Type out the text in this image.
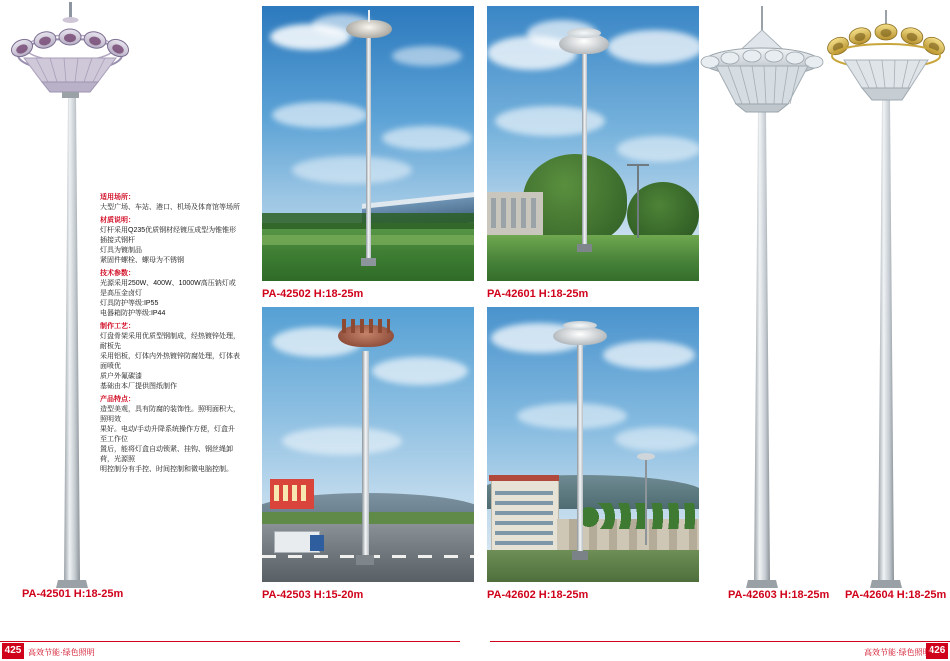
适用场所：
大型广场、车站、港口、机场及体育馆等场所
材质说明：
灯杆采用Q235优质钢材经镀压成型为锥锥形插接式钢杆
灯具为镀制品
紧固件螺栓、螺母为不锈钢
技术参数：
光源采用250W、400W、1000W高压钠灯或是高压金卤灯
灯具防护等级:IP55
电器箱防护等级:IP44
制作工艺：
灯盘骨架采用优质型钢制成，经热镀锌处理，耐板先
采用铝板，灯体内外热镀锌防腐处理，灯体表面喷优
质户外氟碳漆
基础由本厂提供图纸制作
产品特点：
造型美观，具有防腐的装饰性。照明面积大，照明效
果好。电动/手动升降系统操作方便，灯盒升至工作位
置后，能将灯盒自动锁紧、挂钩、钢丝绳卸荷，光源照
明控制分有手控、时间控制和微电脑控制。
PA-42501 H:18-25m
PA-42502 H:18-25m	PA-42601 H:18-25m
PA-42503 H:15-20m	PA-42602 H:18-25m	PA-42603 H:18-25m PA-42604 H:18-25m
425 高效节能·绿色照明	426
高效节能·绿色照明
